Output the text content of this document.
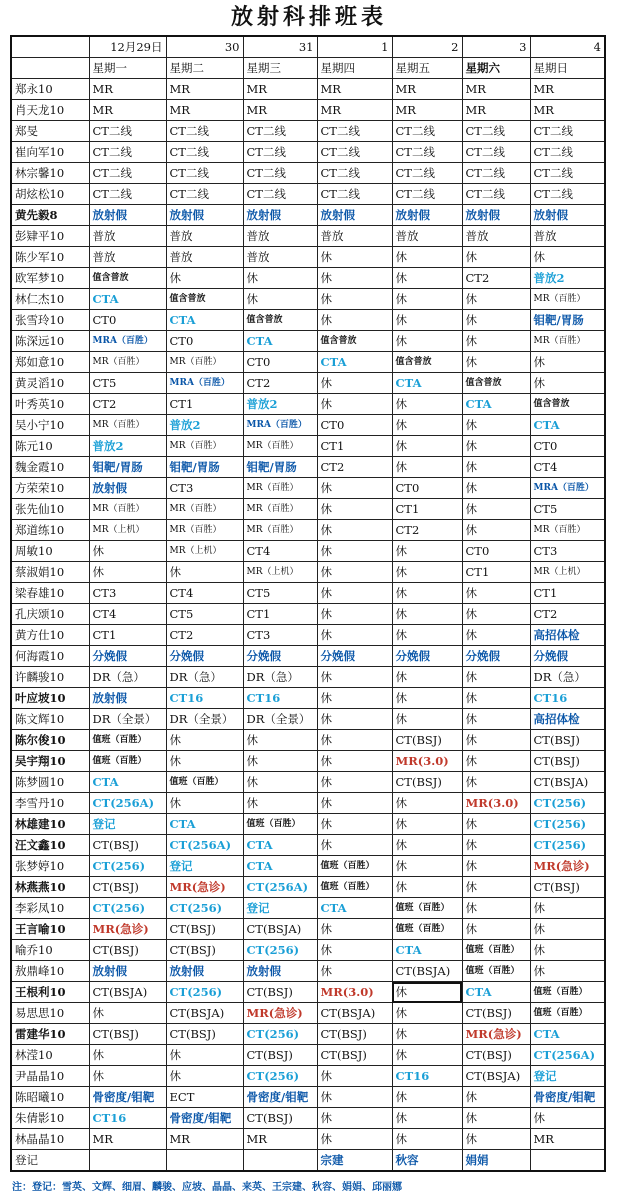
放射科排班表
	12月29日	30	31	1	2	3	4
	星期一	星期二	星期三	星期四	星期五	星期六	星期日
郑永10	MR	MR	MR	MR	MR	MR	MR
肖天龙10	MR	MR	MR	MR	MR	MR	MR
郑旻	CT二线	CT二线	CT二线	CT二线	CT二线	CT二线	CT二线
崔向军10	CT二线	CT二线	CT二线	CT二线	CT二线	CT二线	CT二线
林宗馨10	CT二线	CT二线	CT二线	CT二线	CT二线	CT二线	CT二线
胡炫松10	CT二线	CT二线	CT二线	CT二线	CT二线	CT二线	CT二线
黄先毅8	放射假	放射假	放射假	放射假	放射假	放射假	放射假
彭肄平10	普放	普放	普放	普放	普放	普放	普放
陈少军10	普放	普放	普放	休	休	休	休
欧军梦10	值含普放	休	休	休	休	CT2	普放2
林仁杰10	CTA	值含普放	休	休	休	休	MR（百胜）
张雪玲10	CT0	CTA	值含普放	休	休	休	钼靶/胃肠
陈深远10	MRA（百胜）	CT0	CTA	值含普放	休	休	MR（百胜）
郑如意10	MR（百胜）	MR（百胜）	CT0	CTA	值含普放	休	休
黄灵滔10	CT5	MRA（百胜）	CT2	休	CTA	值含普放	休
叶秀英10	CT2	CT1	普放2	休	休	CTA	值含普放
吴小宁10	MR（百胜）	普放2	MRA（百胜）	CT0	休	休	CTA
陈元10	普放2	MR（百胜）	MR（百胜）	CT1	休	休	CT0
魏金霞10	钼靶/胃肠	钼靶/胃肠	钼靶/胃肠	CT2	休	休	CT4
方荣荣10	放射假	CT3	MR（百胜）	休	CT0	休	MRA（百胜）
张先仙10	MR（百胜）	MR（百胜）	MR（百胜）	休	CT1	休	CT5
郑道练10	MR（上机）	MR（百胜）	MR（百胜）	休	CT2	休	MR（百胜）
周敏10	休	MR（上机）	CT4	休	休	CT0	CT3
蔡淑娟10	休	休	MR（上机）	休	休	CT1	MR（上机）
梁春雄10	CT3	CT4	CT5	休	休	休	CT1
孔庆颂10	CT4	CT5	CT1	休	休	休	CT2
黄方仕10	CT1	CT2	CT3	休	休	休	高招体检
何海霞10	分娩假	分娩假	分娩假	分娩假	分娩假	分娩假	分娩假
许麟骏10	DR（急）	DR（急）	DR（急）	休	休	休	DR（急）
叶应坡10	放射假	CT16	CT16	休	休	休	CT16
陈文辉10	DR（全景）	DR（全景）	DR（全景）	休	休	休	高招体检
陈尔俊10	值班（百胜）	休	休	休	CT(BSJ)	休	CT(BSJ)
吴宇翔10	值班（百胜）	休	休	休	MR(3.0)	休	CT(BSJ)
陈梦圆10	CTA	值班（百胜）	休	休	CT(BSJ)	休	CT(BSJA)
李雪丹10	CT(256A)	休	休	休	休	MR(3.0)	CT(256)
林雄建10	登记	CTA	值班（百胜）	休	休	休	CT(256)
汪文鑫10	CT(BSJ)	CT(256A)	CTA	休	休	休	CT(256)
张梦婷10	CT(256)	登记	CTA	值班（百胜）	休	休	MR(急诊)
林燕燕10	CT(BSJ)	MR(急诊)	CT(256A)	值班（百胜）	休	休	CT(BSJ)
李彩凤10	CT(256)	CT(256)	登记	CTA	值班（百胜）	休	休
王言喻10	MR(急诊)	CT(BSJ)	CT(BSJA)	休	值班（百胜）	休	休
喻乔10	CT(BSJ)	CT(BSJ)	CT(256)	休	CTA	值班（百胜）	休
敖鼎峰10	放射假	放射假	放射假	休	CT(BSJA)	值班（百胜）	休
王根利10	CT(BSJA)	CT(256)	CT(BSJ)	MR(3.0)	休	CTA	值班（百胜）
易思思10	休	CT(BSJA)	MR(急诊)	CT(BSJA)	休	CT(BSJ)	值班（百胜）
雷建华10	CT(BSJ)	CT(BSJ)	CT(256)	CT(BSJ)	休	MR(急诊)	CTA
林滢10	休	休	CT(BSJ)	CT(BSJ)	休	CT(BSJ)	CT(256A)
尹晶晶10	休	休	CT(256)	休	CT16	CT(BSJA)	登记
陈昭曦10	骨密度/钼靶	ECT	骨密度/钼靶	休	休	休	骨密度/钼靶
朱倩影10	CT16	骨密度/钼靶	CT(BSJ)	休	休	休	休
林晶晶10	MR	MR	MR	休	休	休	MR
登记				宗建	秋容	娟娟	
注：登记：雪英、文辉、细眉、麟骏、应坡、晶晶、来英、王宗建、秋容、娟娟、邱丽娜
